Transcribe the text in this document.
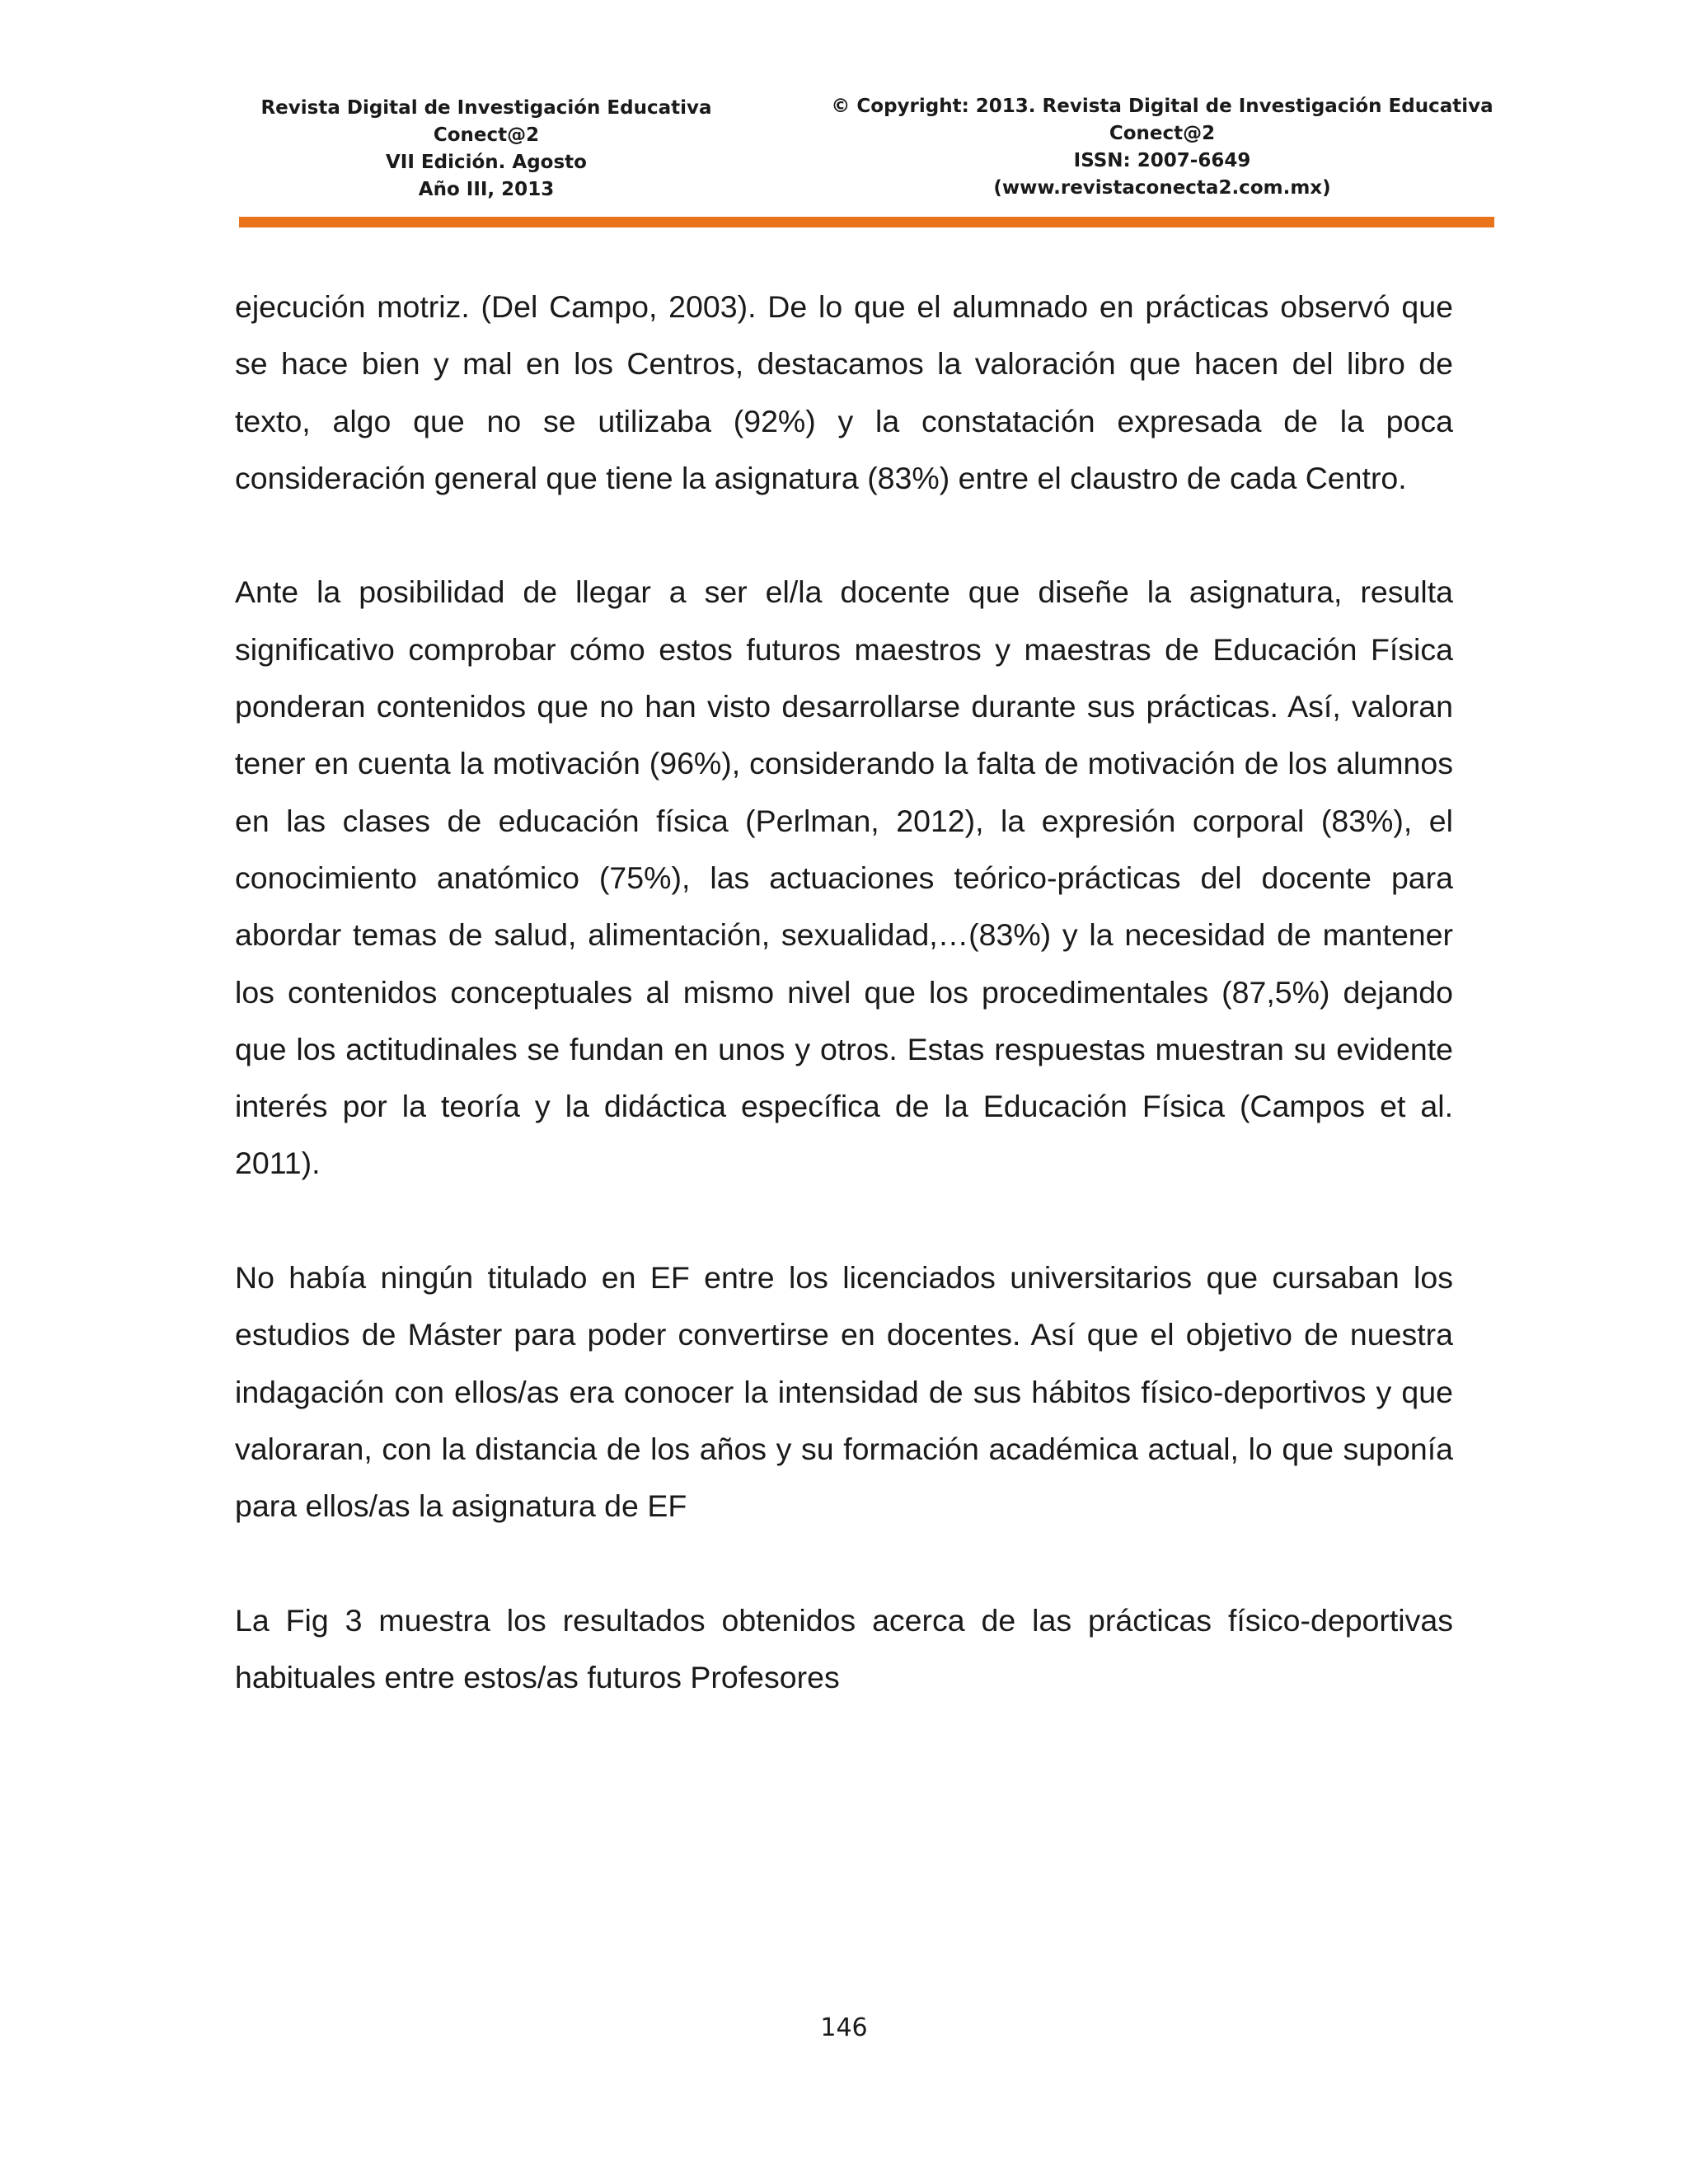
Revista Digital de Investigación Educativa
Conect@2
VII Edición. Agosto
Año III, 2013
© Copyright: 2013. Revista Digital de Investigación Educativa
Conect@2
ISSN: 2007-6649
(www.revistaconecta2.com.mx)

ejecución motriz. (Del Campo, 2003). De lo que el alumnado en prácticas observó que se hace bien y mal en los Centros, destacamos la valoración que hacen del libro de texto, algo que no se utilizaba (92%) y la constatación expresada de la poca consideración general que tiene la asignatura (83%) entre el claustro de cada Centro.

Ante la posibilidad de llegar a ser el/la docente que diseñe la asignatura, resulta significativo comprobar cómo estos futuros maestros y maestras de Educación Física ponderan contenidos que no han visto desarrollarse durante sus prácticas. Así, valoran tener en cuenta la motivación (96%), considerando la falta de motivación de los alumnos en las clases de educación física (Perlman, 2012), la expresión corporal (83%), el conocimiento anatómico (75%), las actuaciones teórico-prácticas del docente para abordar temas de salud, alimentación, sexualidad,…(83%) y la necesidad de mantener los contenidos conceptuales al mismo nivel que los procedimentales (87,5%) dejando que los actitudinales se fundan en unos y otros. Estas respuestas muestran su evidente interés por la teoría y la didáctica específica de la Educación Física (Campos et al. 2011).

No había ningún titulado en EF entre los licenciados universitarios que cursaban los estudios de Máster para poder convertirse en docentes. Así que el objetivo de nuestra indagación con ellos/as era conocer la intensidad de sus hábitos físico-deportivos y que valoraran, con la distancia de los años y su formación académica actual, lo que suponía para ellos/as la asignatura de EF

La Fig 3 muestra los resultados obtenidos acerca de las prácticas físico-deportivas habituales entre estos/as futuros Profesores

146
